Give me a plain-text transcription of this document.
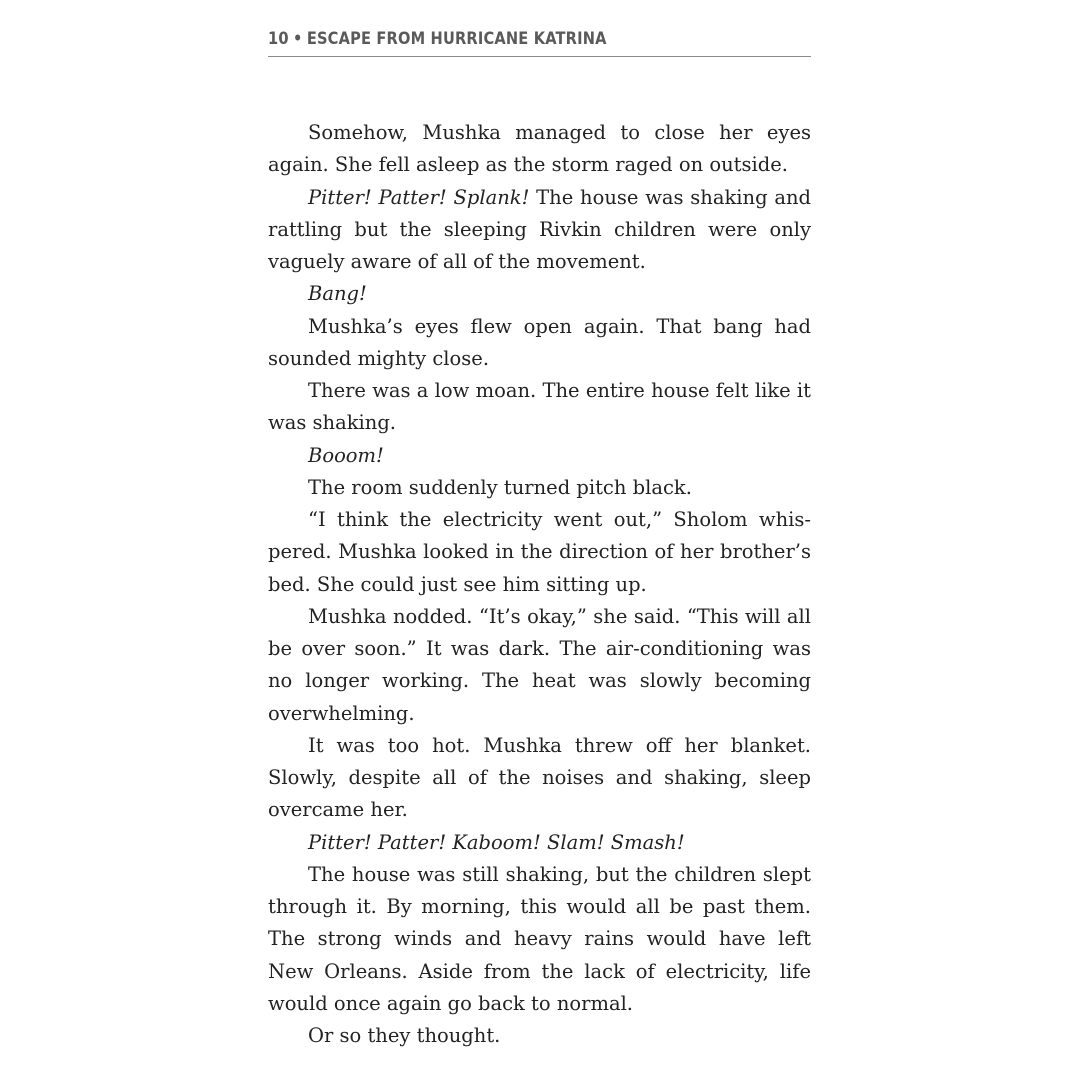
10 • ESCAPE FROM HURRICANE KATRINA

Somehow, Mushka managed to close her eyes again. She fell asleep as the storm raged on outside.

Pitter! Patter! Splank! The house was shaking and rattling but the sleeping Rivkin children were only vaguely aware of all of the movement.

Bang!

Mushka’s eyes flew open again. That bang had sounded mighty close.

There was a low moan. The entire house felt like it was shaking.

Booom!

The room suddenly turned pitch black.

“I think the electricity went out,” Sholom whispered. Mushka looked in the direction of her brother’s bed. She could just see him sitting up.

Mushka nodded. “It’s okay,” she said. “This will all be over soon.” It was dark. The air-conditioning was no longer working. The heat was slowly becoming overwhelming.

It was too hot. Mushka threw off her blanket. Slowly, despite all of the noises and shaking, sleep overcame her.

Pitter! Patter! Kaboom! Slam! Smash!

The house was still shaking, but the children slept through it. By morning, this would all be past them. The strong winds and heavy rains would have left New Orleans. Aside from the lack of electricity, life would once again go back to normal.

Or so they thought.
